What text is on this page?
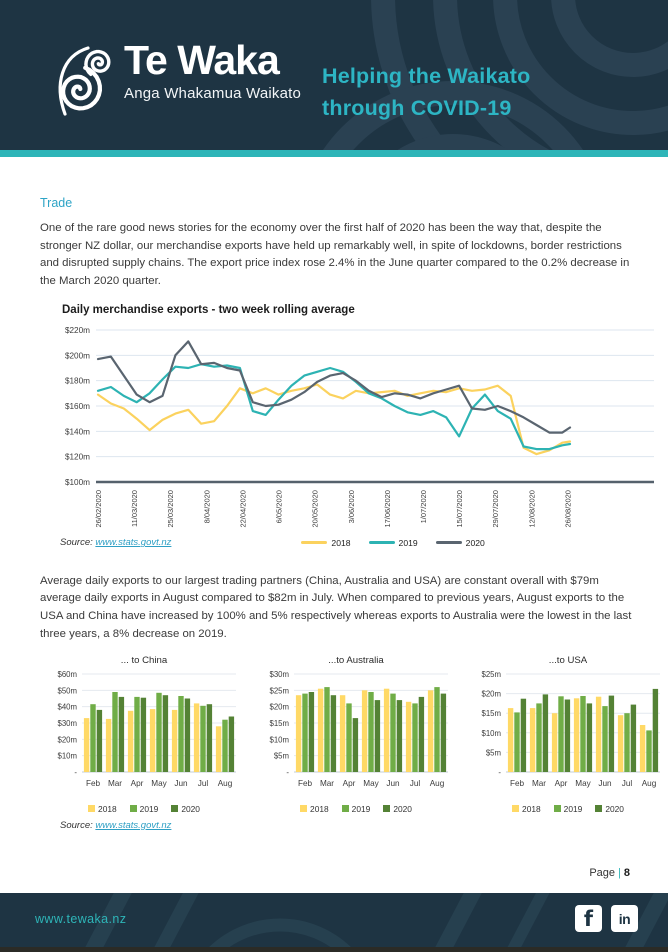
Te Waka
Anga Whakamua Waikato
Helping the Waikato
through COVID-19
Trade

One of the rare good news stories for the economy over the first half of 2020 has been the way that, despite the stronger NZ dollar, our merchandise exports have held up remarkably well, in spite of lockdowns, border restrictions and disrupted supply chains. The export price index rose 2.4% in the June quarter compared to the 0.2% decrease in the March 2020 quarter.

Daily merchandise exports - two week rolling average
$220m
$200m
$180m
$160m
$140m
$120m
$100m
26/02/2020	11/03/2020	25/03/2020	8/04/2020	22/04/2020	6/05/2020	20/05/2020	3/06/2020	17/06/2020	1/07/2020	15/07/2020	29/07/2020	12/08/2020	26/08/2020
Source: www.stats.govt.nz	2018	2019	2020

Average daily exports to our largest trading partners (China, Australia and USA) are constant overall with $79m average daily exports in August compared to $82m in July. When compared to previous years, August exports to the USA and China have increased by 100% and 5% respectively whereas exports to Australia were the lowest in the last three years, a 8% decrease on 2019.

... to China
$60m
$50m
$40m
$30m
$20m
$10m
-
Feb Mar Apr May Jun Jul Aug
2018	2019	2020
...to Australia
$30m
$25m
$20m
$15m
$10m
$5m
-
Feb Mar Apr May Jun Jul Aug
2018	2019	2020
...to USA
$25m
$20m
$15m
$10m
$5m
-
Feb Mar Apr May Jun Jul Aug
2018	2019	2020
Source: www.stats.govt.nz
Page | 8
www.tewaka.nz	f	in
